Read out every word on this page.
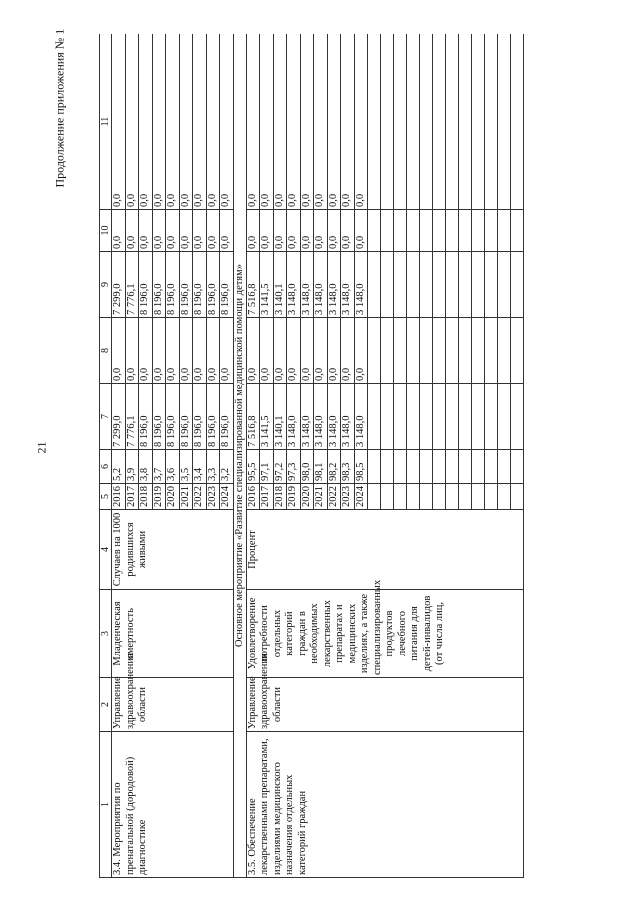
21
Продолжение приложения № 1
1	2	3	4	5	6	7	8	9	10	11
3.4. Мероприятия по пренатальной (дородовой) диагностике	Управление здравоохранения области	Младенческая смертность	Случаев на 1000 родившихся живыми	2016	5,2	7 299,0	0,0	7 299,0	0,0	0,0
				2017	3,9	7 776,1	0,0	7 776,1	0,0	0,0
				2018	3,8	8 196,0	0,0	8 196,0	0,0	0,0
				2019	3,7	8 196,0	0,0	8 196,0	0,0	0,0
				2020	3,6	8 196,0	0,0	8 196,0	0,0	0,0
				2021	3,5	8 196,0	0,0	8 196,0	0,0	0,0
				2022	3,4	8 196,0	0,0	8 196,0	0,0	0,0
				2023	3,3	8 196,0	0,0	8 196,0	0,0	0,0
				2024	3,2	8 196,0	0,0	8 196,0	0,0	0,0
Основное мероприятие «Развитие специализированной медицинской помощи детям»										
3.5. Обеспечение лекарственными препаратами, изделиями медицинского назначения отдельных категорий граждан	Управление здравоохранения области	Удовлетворение потребности отдельных категорий граждан в необходимых лекарственных препаратах и медицинских изделиях, а также специализированных продуктов лечебного питания для детей-инвалидов (от числа лиц,	Процент	2016	95,5	7 516,8	0,0	7 516,8	0,0	0,0
				2017	97,1	3 141,5	0,0	3 141,5	0,0	0,0
				2018	97,2	3 140,1	0,0	3 140,1	0,0	0,0
				2019	97,3	3 148,0	0,0	3 148,0	0,0	0,0
				2020	98,0	3 148,0	0,0	3 148,0	0,0	0,0
				2021	98,1	3 148,0	0,0	3 148,0	0,0	0,0
				2022	98,2	3 148,0	0,0	3 148,0	0,0	0,0
				2023	98,3	3 148,0	0,0	3 148,0	0,0	0,0
				2024	98,5	3 148,0	0,0	3 148,0	0,0	0,0
